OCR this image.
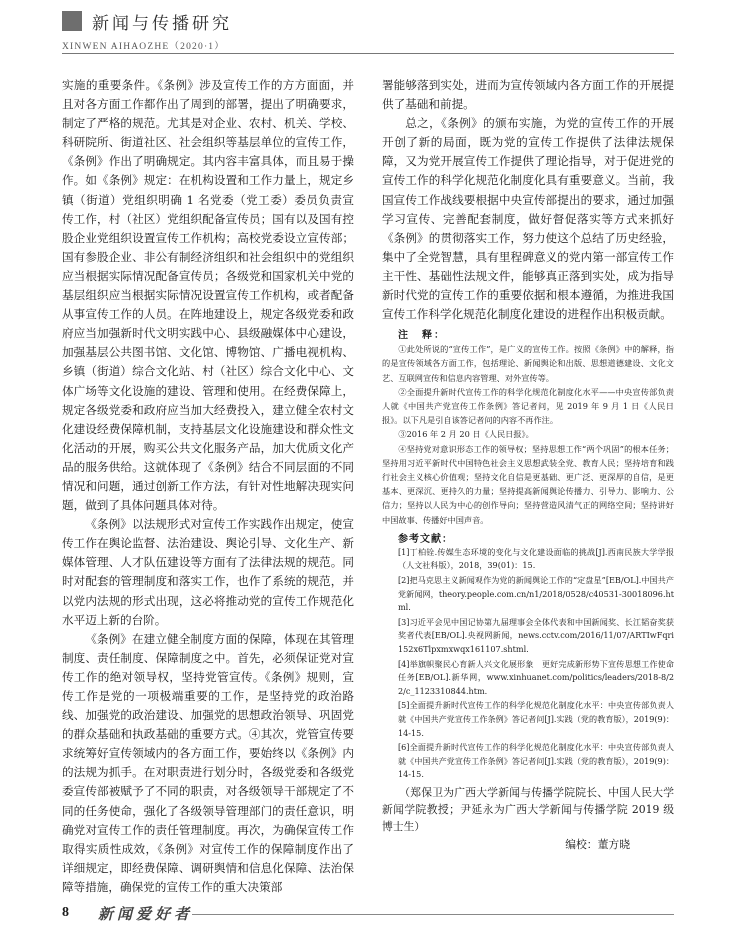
新闻与传播研究
XINWEN AIHAOZHE（2020·1）

实施的重要条件。《条例》涉及宣传工作的方方面面，并且对各方面工作都作出了周到的部署，提出了明确要求，制定了严格的规范。尤其是对企业、农村、机关、学校、科研院所、街道社区、社会组织等基层单位的宣传工作，《条例》作出了明确规定。其内容丰富具体，而且易于操作。如《条例》规定：在机构设置和工作力量上，规定乡镇（街道）党组织明确 1 名党委（党工委）委员负责宣传工作，村（社区）党组织配备宣传员；国有以及国有控股企业党组织设置宣传工作机构；高校党委设立宣传部；国有参股企业、非公有制经济组织和社会组织中的党组织应当根据实际情况配备宣传员；各级党和国家机关中党的基层组织应当根据实际情况设置宣传工作机构，或者配备从事宣传工作的人员。在阵地建设上，规定各级党委和政府应当加强新时代文明实践中心、县级融媒体中心建设，加强基层公共图书馆、文化馆、博物馆、广播电视机构、乡镇（街道）综合文化站、村（社区）综合文化中心、文体广场等文化设施的建设、管理和使用。在经费保障上，规定各级党委和政府应当加大经费投入，建立健全农村文化建设经费保障机制，支持基层文化设施建设和群众性文化活动的开展，购买公共文化服务产品，加大优质文化产品的服务供给。这就体现了《条例》结合不同层面的不同情况和问题，通过创新工作方法，有针对性地解决现实问题，做到了具体问题具体对待。

《条例》以法规形式对宣传工作实践作出规定，使宣传工作在舆论监督、法治建设、舆论引导、文化生产、新媒体管理、人才队伍建设等方面有了法律法规的规范。同时对配套的管理制度和落实工作，也作了系统的规范，并以党内法规的形式出现，这必将推动党的宣传工作规范化水平迈上新的台阶。

《条例》在建立健全制度方面的保障，体现在其管理制度、责任制度、保障制度之中。首先，必须保证党对宣传工作的绝对领导权，坚持党管宣传。《条例》规则，宣传工作是党的一项极端重要的工作，是坚持党的政治路线、加强党的政治建设、加强党的思想政治领导、巩固党的群众基础和执政基础的重要方式。④其次，党管宣传要求统筹好宣传领域内的各方面工作，要始终以《条例》内的法规为抓手。在对职责进行划分时，各级党委和各级党委宣传部被赋予了不同的职责，对各级领导干部规定了不同的任务使命，强化了各级领导管理部门的责任意识，明确党对宣传工作的责任管理制度。再次，为确保宣传工作取得实质性成效，《条例》对宣传工作的保障制度作出了详细规定，即经费保障、调研舆情和信息化保障、法治保障等措施，确保党的宣传工作的重大决策部

署能够落到实处，进而为宣传领域内各方面工作的开展提供了基础和前提。

总之，《条例》的颁布实施，为党的宣传工作的开展开创了新的局面，既为党的宣传工作提供了法律法规保障，又为党开展宣传工作提供了理论指导，对于促进党的宣传工作的科学化规范化制度化具有重要意义。当前，我国宣传工作战线要根据中央宣传部提出的要求，通过加强学习宣传、完善配套制度，做好督促落实等方式来抓好《条例》的贯彻落实工作，努力使这个总结了历史经验，集中了全党智慧，具有里程碑意义的党内第一部宣传工作主干性、基础性法规文件，能够真正落到实处，成为指导新时代党的宣传工作的重要依据和根本遵循，为推进我国宣传工作科学化规范化制度化建设的进程作出积极贡献。

注　释：

①此处所说的“宣传工作”，是广义的宣传工作。按照《条例》中的解释，指的是宣传领域各方面工作，包括理论、新闻舆论和出版、思想道德建设、文化文艺、互联网宣传和信息内容管理、对外宣传等。

②全面提升新时代宣传工作的科学化规范化制度化水平——中央宣传部负责人就《中国共产党宣传工作条例》答记者问，见 2019 年 9 月 1 日《人民日报》。以下凡是引自该答记者问的内容不再作注。

③2016 年 2 月 20 日《人民日报》。

④坚持党对意识形态工作的领导权；坚持思想工作“两个巩固”的根本任务；坚持用习近平新时代中国特色社会主义思想武装全党、教育人民；坚持培育和践行社会主义核心价值观；坚持文化自信是更基础、更广泛、更深厚的自信，是更基本、更深沉、更持久的力量；坚持提高新闻舆论传播力、引导力、影响力、公信力；坚持以人民为中心的创作导向；坚持营造风清气正的网络空间；坚持讲好中国故事、传播好中国声音。

参考文献：

[1]丁柏铨.传媒生态环境的变化与文化建设面临的挑战[J].西南民族大学学报（人文社科版），2018，39(01)：15.

[2]把马克思主义新闻观作为党的新闻舆论工作的“定盘星”[EB/OL].中国共产党新闻网，theory.people.com.cn/n1/2018/0528/c40531-30018096.html.

[3]习近平会见中国记协第九届理事会全体代表和中国新闻奖、长江韬奋奖获奖者代表[EB/OL].央视网新闻，news.cctv.com/2016/11/07/ARTIwFqri152x6Tlpxmxwqx161107.shtml.

[4]举旗帜聚民心育新人兴文化展形象　更好完成新形势下宣传思想工作使命任务[EB/OL].新华网，www.xinhuanet.com/politics/leaders/2018-8/22/c_1123310844.htm.

[5]全面提升新时代宣传工作的科学化规范化制度化水平：中央宣传部负责人就《中国共产党宣传工作条例》答记者问[J].实践（党的教育版），2019(9)：14-15.

[6]全面提升新时代宣传工作的科学化规范化制度化水平：中央宣传部负责人就《中国共产党宣传工作条例》答记者问[J].实践（党的教育版），2019(9)：14-15.

（郑保卫为广西大学新闻与传播学院院长、中国人民大学新闻学院教授；尹延永为广西大学新闻与传播学院 2019 级博士生）

编校：董方晓
8 新闻爱好者
